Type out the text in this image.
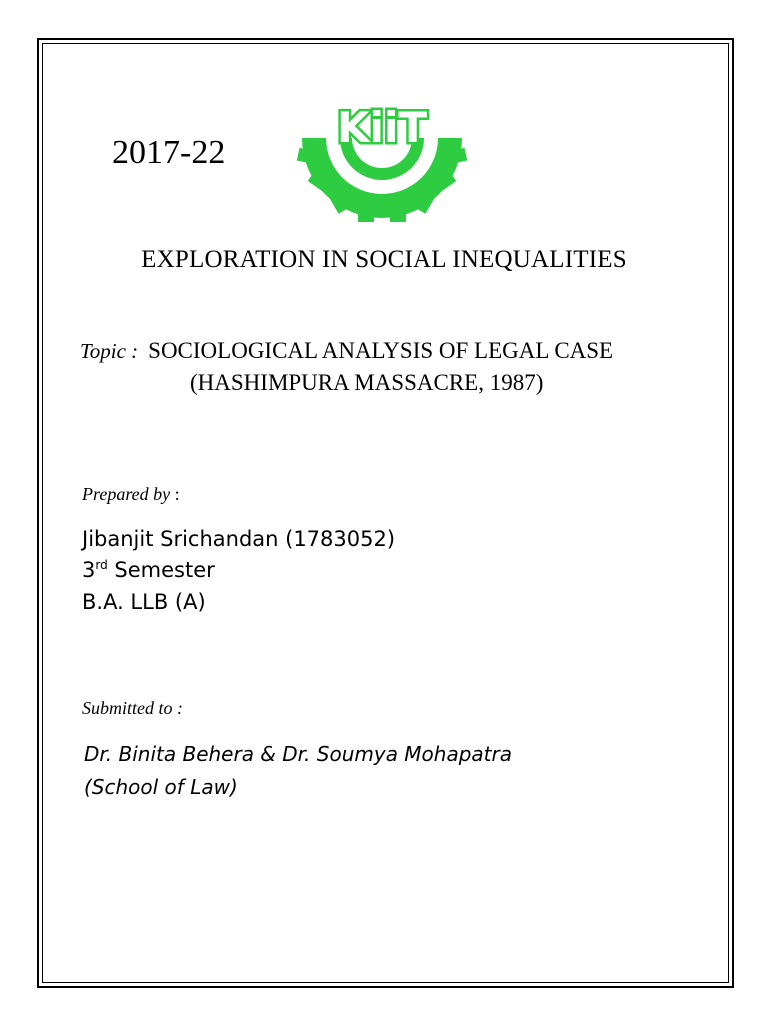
2017-22
KiiT
EXPLORATION IN SOCIAL INEQUALITIES
Topic : SOCIOLOGICAL ANALYSIS OF LEGAL CASE
(HASHIMPURA MASSACRE, 1987)
Prepared by :
Jibanjit Srichandan (1783052)
3rd Semester
B.A. LLB (A)
Submitted to :
Dr. Binita Behera & Dr. Soumya Mohapatra
(School of Law)
